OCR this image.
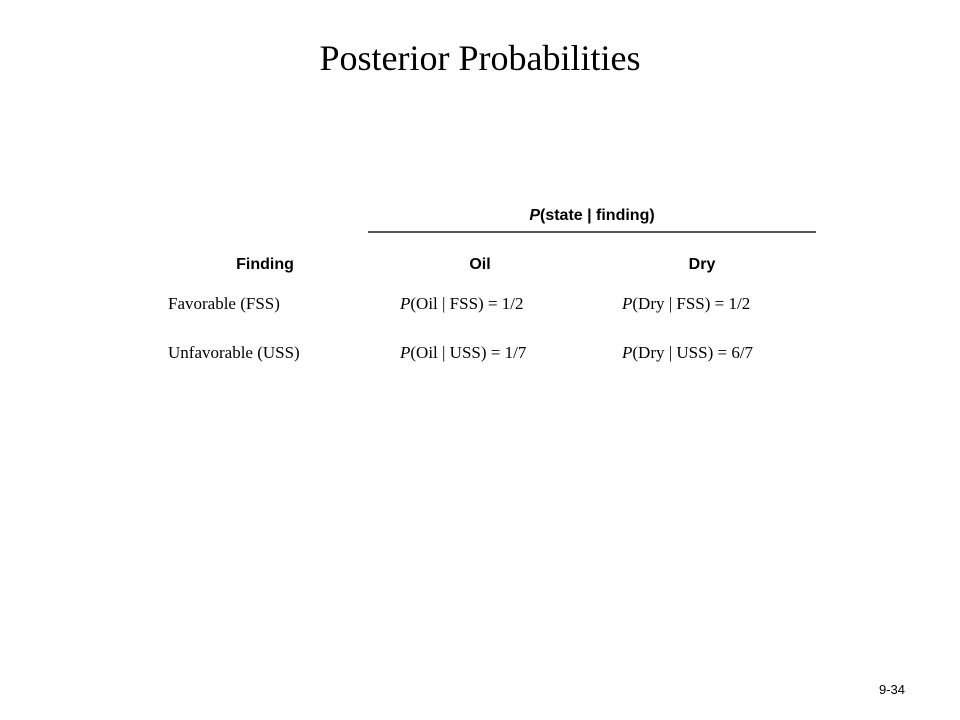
Posterior Probabilities
P(state | finding)
Finding	Oil	Dry
Favorable (FSS)	P(Oil | FSS) = 1/2	P(Dry | FSS) = 1/2
Unfavorable (USS)	P(Oil | USS) = 1/7	P(Dry | USS) = 6/7
9-34
